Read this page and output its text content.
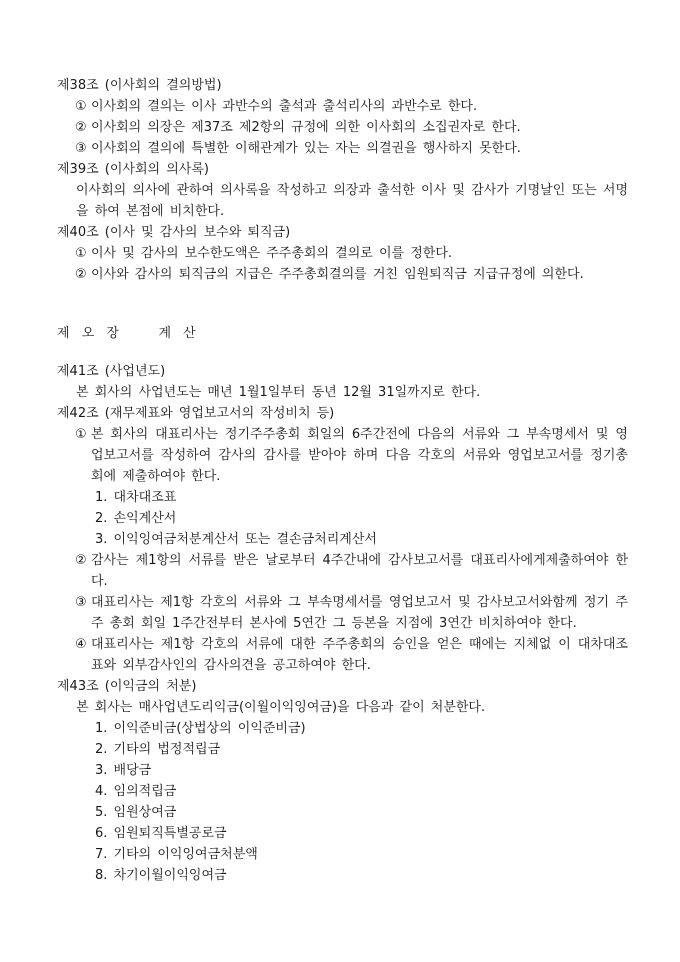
제38조 (이사회의 결의방법)

① 이사회의 결의는 이사 과반수의 출석과 출석리사의 과반수로 한다.

② 이사회의 의장은 제37조 제2항의 규정에 의한 이사회의 소집권자로 한다.

③ 이사회의 결의에 특별한 이해관계가 있는 자는 의결권을 행사하지 못한다.

제39조 (이사회의 의사록)

이사회의 의사에 관하여 의사록을 작성하고 의장과 출석한 이사 및 감사가 기명날인 또는 서명을 하여 본점에 비치한다.

제40조 (이사 및 감사의 보수와 퇴직금)

① 이사 및 감사의 보수한도액은 주주총회의 결의로 이를 정한다.

② 이사와 감사의 퇴직금의 지급은 주주총회결의를 거친 임원퇴직금 지급규정에 의한다.

제 오 장    계 산
제41조 (사업년도)

본 회사의 사업년도는 매년 1월1일부터 동년 12월 31일까지로 한다.

제42조 (재무제표와 영업보고서의 작성비치 등)

① 본 회사의 대표리사는 정기주주총회 회일의 6주간전에 다음의 서류와 그 부속명세서 및 영업보고서를 작성하여 감사의 감사를 받아야 하며 다음 각호의 서류와 영업보고서를 정기총회에 제출하여야 한다.

1. 대차대조표
2. 손익계산서
3. 이익잉여금처분계산서 또는 결손금처리계산서

② 감사는 제1항의 서류를 받은 날로부터 4주간내에 감사보고서를 대표리사에게제출하여야 한다.

③ 대표리사는 제1항 각호의 서류와 그 부속명세서를 영업보고서 및 감사보고서와함께 정기 주주 총회 회일 1주간전부터 본사에 5연간 그 등본을 지점에 3연간 비치하여야 한다.

④ 대표리사는 제1항 각호의 서류에 대한 주주총회의 승인을 얻은 때에는 지체없 이 대차대조표와 외부감사인의 감사의견을 공고하여야 한다.

제43조 (이익금의 처분)

본 회사는 매사업년도리익금(이월이익잉여금)을 다음과 같이 처분한다.

1. 이익준비금(상법상의 이익준비금)
2. 기타의 법정적립금
3. 배당금
4. 임의적립금
5. 임원상여금
6. 임원퇴직특별공로금
7. 기타의 이익잉여금처분액
8. 차기이월이익잉여금
